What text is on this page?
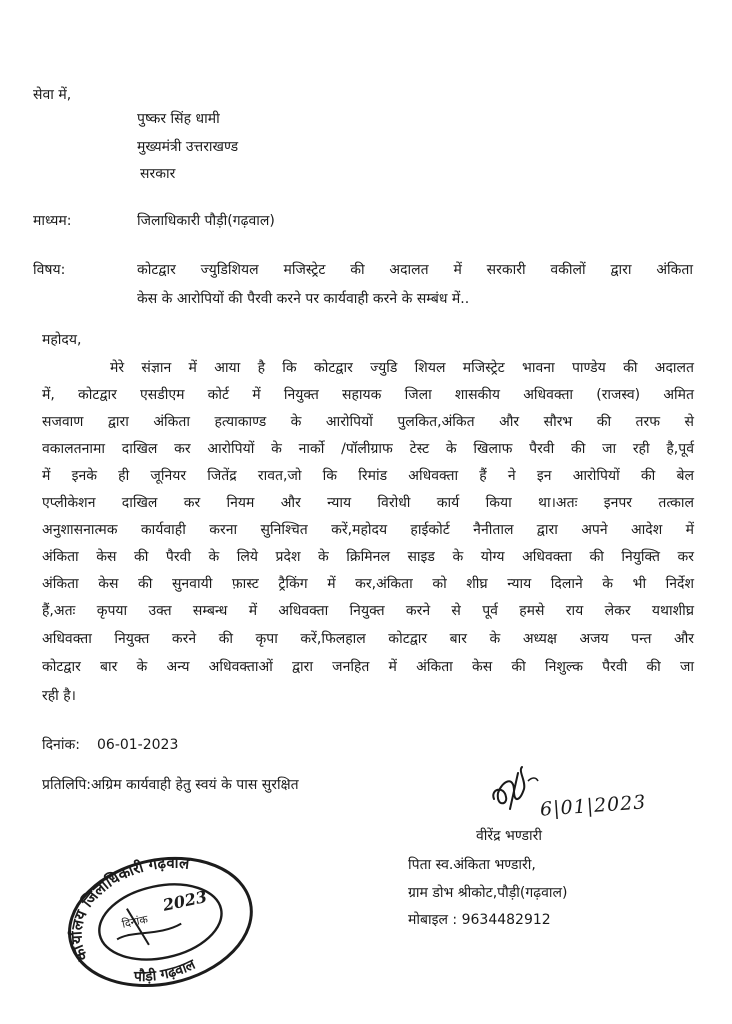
सेवा में,
पुष्कर सिंह धामी
मुख्यमंत्री उत्तराखण्ड
सरकार
माध्यम:	जिलाधिकारी पौड़ी(गढ़वाल)
विषय:	कोटद्वार ज्युडिशियल मजिस्ट्रेट की अदालत में सरकारी वकीलों द्वारा अंकिता
केस के आरोपियों की पैरवी करने पर कार्यवाही करने के सम्बंध में..
महोदय,
मेरे संज्ञान में आया है कि कोटद्वार ज्युडि शियल मजिस्ट्रेट भावना पाण्डेय की अदालत
में, कोटद्वार एसडीएम कोर्ट में नियुक्त सहायक जिला शासकीय अधिवक्ता (राजस्व) अमित
सजवाण द्वारा अंकिता हत्याकाण्ड के आरोपियों पुलकित,अंकित और सौरभ की तरफ से
वकालतनामा दाखिल कर आरोपियों के नार्को /पॉलीग्राफ टेस्ट के खिलाफ पैरवी की जा रही है,पूर्व
में इनके ही जूनियर जितेंद्र रावत,जो कि रिमांड अधिवक्ता हैं ने इन आरोपियों की बेल
एप्लीकेशन दाखिल कर नियम और न्याय विरोधी कार्य किया था।अतः इनपर तत्काल
अनुशासनात्मक कार्यवाही करना सुनिश्चित करें,महोदय हाईकोर्ट नैनीताल द्वारा अपने आदेश में
अंकिता केस की पैरवी के लिये प्रदेश के क्रिमिनल साइड के योग्य अधिवक्ता की नियुक्ति कर
अंकिता केस की सुनवायी फ़ास्ट ट्रैकिंग में कर,अंकिता को शीघ्र न्याय दिलाने के भी निर्देश
हैं,अतः कृपया उक्त सम्बन्ध में अधिवक्ता नियुक्त करने से पूर्व हमसे राय लेकर यथाशीघ्र
अधिवक्ता नियुक्त करने की कृपा करें,फिलहाल कोटद्वार बार के अध्यक्ष अजय पन्त और
कोटद्वार बार के अन्य अधिवक्ताओं द्वारा जनहित में अंकिता केस की निशुल्क पैरवी की जा
रही है।
दिनांक: 06-01-2023
प्रतिलिपि:अग्रिम कार्यवाही हेतु स्वयं के पास सुरक्षित
6|01|2023
वीरेंद्र भण्डारी
पिता स्व.अंकिता भण्डारी,
ग्राम डोभ श्रीकोट,पौड़ी(गढ़वाल)
मोबाइल : 9634482912
कार्यालय जिलाधिकारी गढ़वाल
पौड़ी गढ़वाल
दिनांक
2023
